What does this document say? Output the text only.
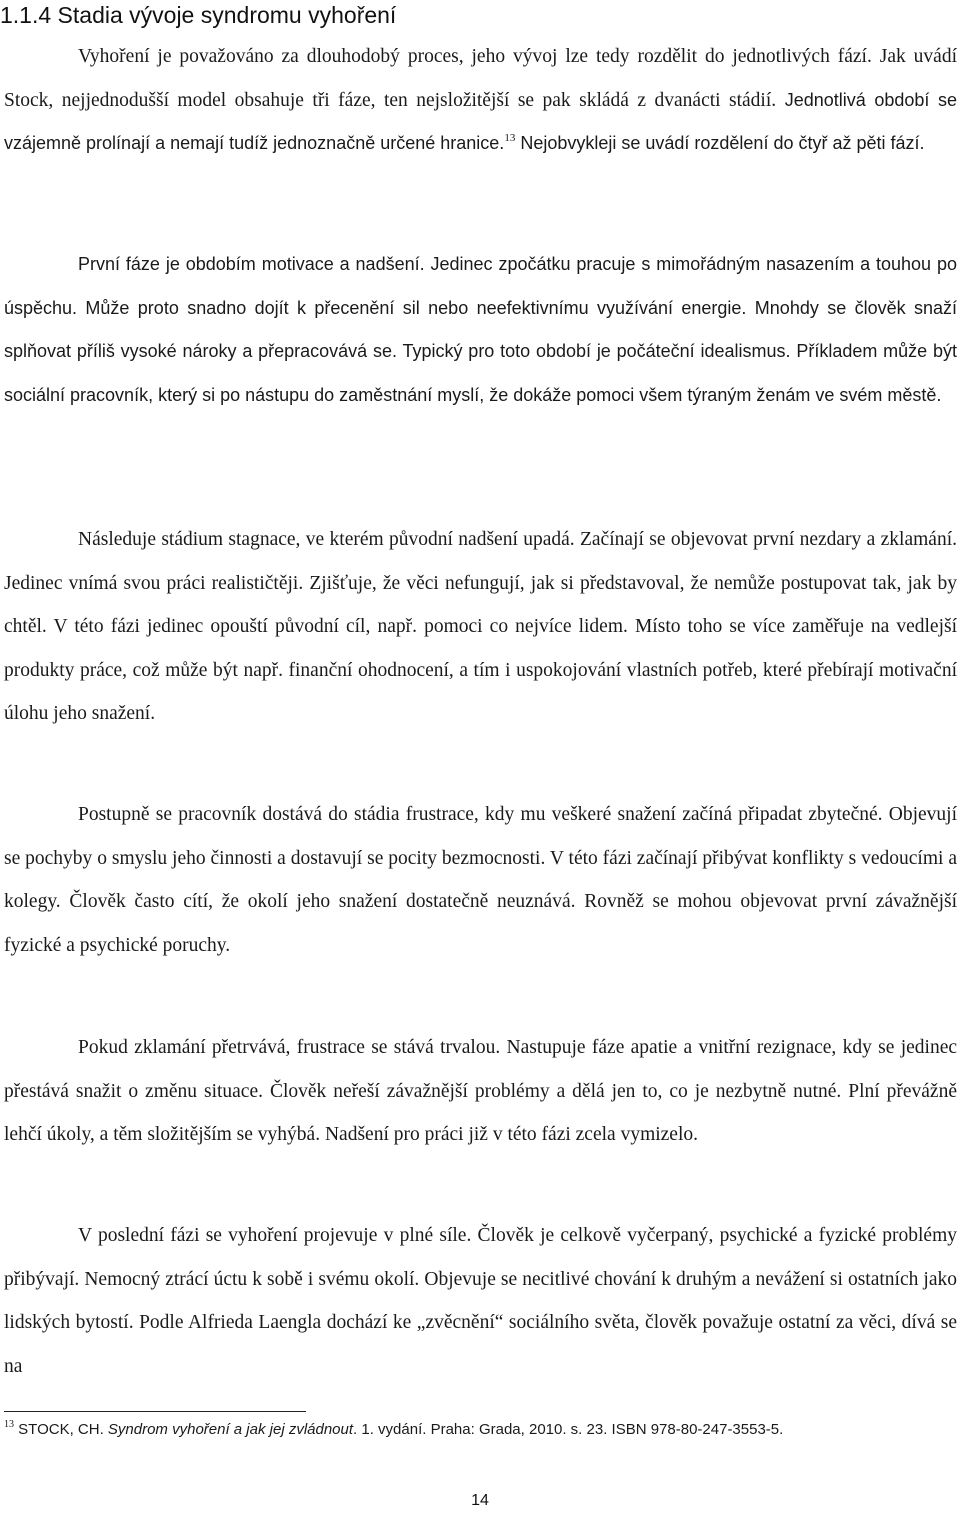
1.1.4 Stadia vývoje syndromu vyhoření

Vyhoření je považováno za dlouhodobý proces, jeho vývoj lze tedy rozdělit do jednotlivých fází. Jak uvádí Stock, nejjednodušší model obsahuje tři fáze, ten nejsložitější se pak skládá z dvanácti stádií. Jednotlivá období se vzájemně prolínají a nemají tudíž jednoznačně určené hranice.$^{13}$ Nejobvykleji se uvádí rozdělení do čtyř až pěti fází.

První fáze je obdobím motivace a nadšení. Jedinec zpočátku pracuje s mimořádným nasazením a touhou po úspěchu. Může proto snadno dojít k přecenění sil nebo neefektivnímu využívání energie. Mnohdy se člověk snaží splňovat příliš vysoké nároky a přepracovává se. Typický pro toto období je počáteční idealismus. Příkladem může být sociální pracovník, který si po nástupu do zaměstnání myslí, že dokáže pomoci všem týraným ženám ve svém městě.

Následuje stádium stagnace, ve kterém původní nadšení upadá. Začínají se objevovat první nezdary a zklamání. Jedinec vnímá svou práci realističtěji. Zjišťuje, že věci nefungují, jak si představoval, že nemůže postupovat tak, jak by chtěl. V této fázi jedinec opouští původní cíl, např. pomoci co nejvíce lidem. Místo toho se více zaměřuje na vedlejší produkty práce, což může být např. finanční ohodnocení, a tím i uspokojování vlastních potřeb, které přebírají motivační úlohu jeho snažení.

Postupně se pracovník dostává do stádia frustrace, kdy mu veškeré snažení začíná připadat zbytečné. Objevují se pochyby o smyslu jeho činnosti a dostavují se pocity bezmocnosti. V této fázi začínají přibývat konflikty s vedoucími a kolegy. Člověk často cítí, že okolí jeho snažení dostatečně neuznává. Rovněž se mohou objevovat první závažnější fyzické a psychické poruchy.

Pokud zklamání přetrvává, frustrace se stává trvalou. Nastupuje fáze apatie a vnitřní rezignace, kdy se jedinec přestává snažit o změnu situace. Člověk neřeší závažnější problémy a dělá jen to, co je nezbytně nutné. Plní převážně lehčí úkoly, a těm složitějším se vyhýbá. Nadšení pro práci již v této fázi zcela vymizelo.

V poslední fázi se vyhoření projevuje v plné síle. Člověk je celkově vyčerpaný, psychické a fyzické problémy přibývají. Nemocný ztrácí úctu k sobě i svému okolí. Objevuje se necitlivé chování k druhým a nevážení si ostatních jako lidských bytostí. Podle Alfrieda Laengla dochází ke „zvěcnění“ sociálního světa, člověk považuje ostatní za věci, dívá se na

$^{13}$ STOCK, CH. Syndrom vyhoření a jak jej zvládnout. 1. vydání. Praha: Grada, 2010. s. 23. ISBN 978-80-247-3553-5.

14
